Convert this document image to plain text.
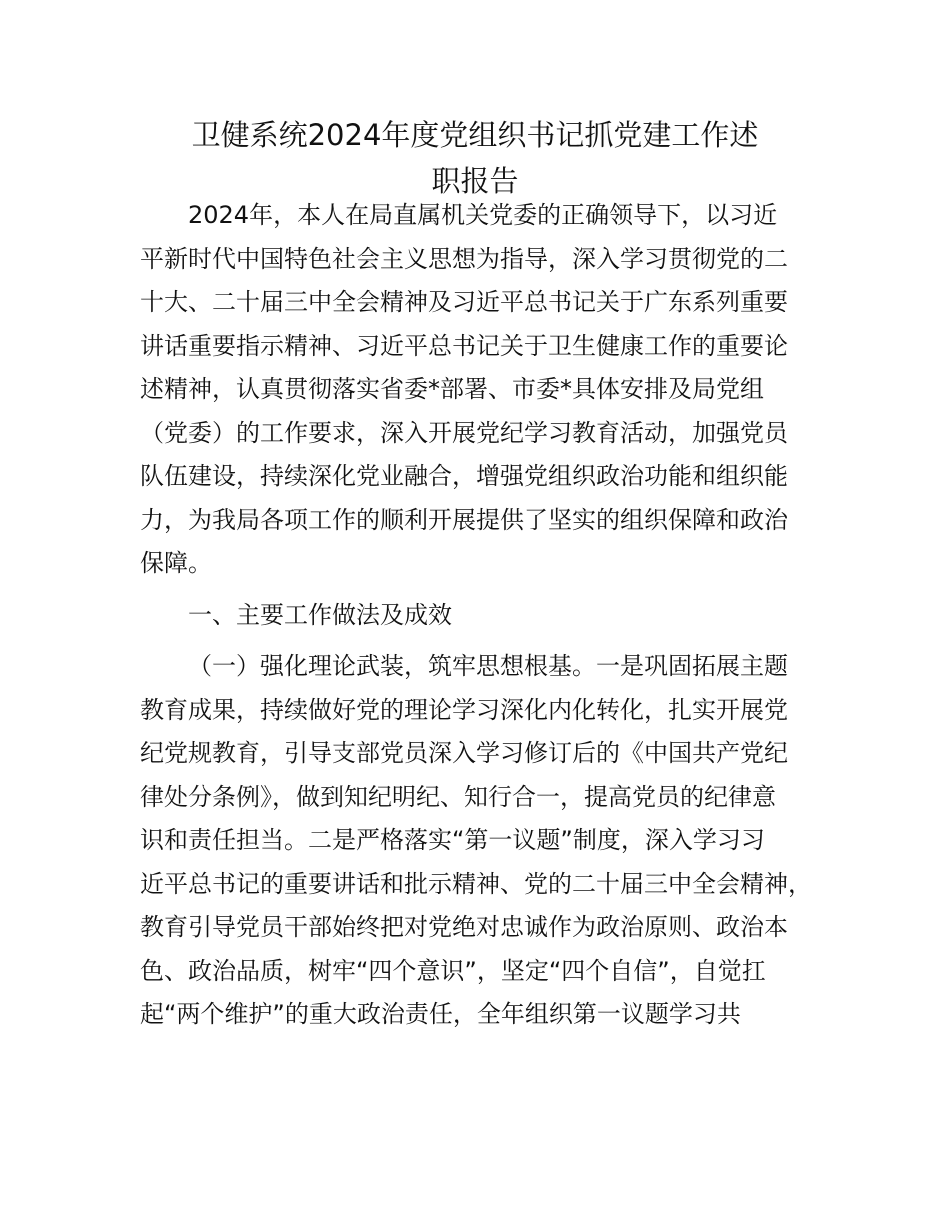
卫健系统2024年度党组织书记抓党建工作述
职报告

2024年，本人在局直属机关党委的正确领导下，以习近
平新时代中国特色社会主义思想为指导，深入学习贯彻党的二
十大、二十届三中全会精神及习近平总书记关于广东系列重要
讲话重要指示精神、习近平总书记关于卫生健康工作的重要论
述精神，认真贯彻落实省委*部署、市委*具体安排及局党组
（党委）的工作要求，深入开展党纪学习教育活动，加强党员
队伍建设，持续深化党业融合，增强党组织政治功能和组织能
力，为我局各项工作的顺利开展提供了坚实的组织保障和政治
保障。

一、主要工作做法及成效

（一）强化理论武装，筑牢思想根基。一是巩固拓展主题
教育成果，持续做好党的理论学习深化内化转化，扎实开展党
纪党规教育，引导支部党员深入学习修订后的《中国共产党纪
律处分条例》，做到知纪明纪、知行合一，提高党员的纪律意
识和责任担当。二是严格落实“第一议题”制度，深入学习习
近平总书记的重要讲话和批示精神、党的二十届三中全会精神，
教育引导党员干部始终把对党绝对忠诚作为政治原则、政治本
色、政治品质，树牢“四个意识”，坚定“四个自信”，自觉扛
起“两个维护”的重大政治责任，全年组织第一议题学习共
